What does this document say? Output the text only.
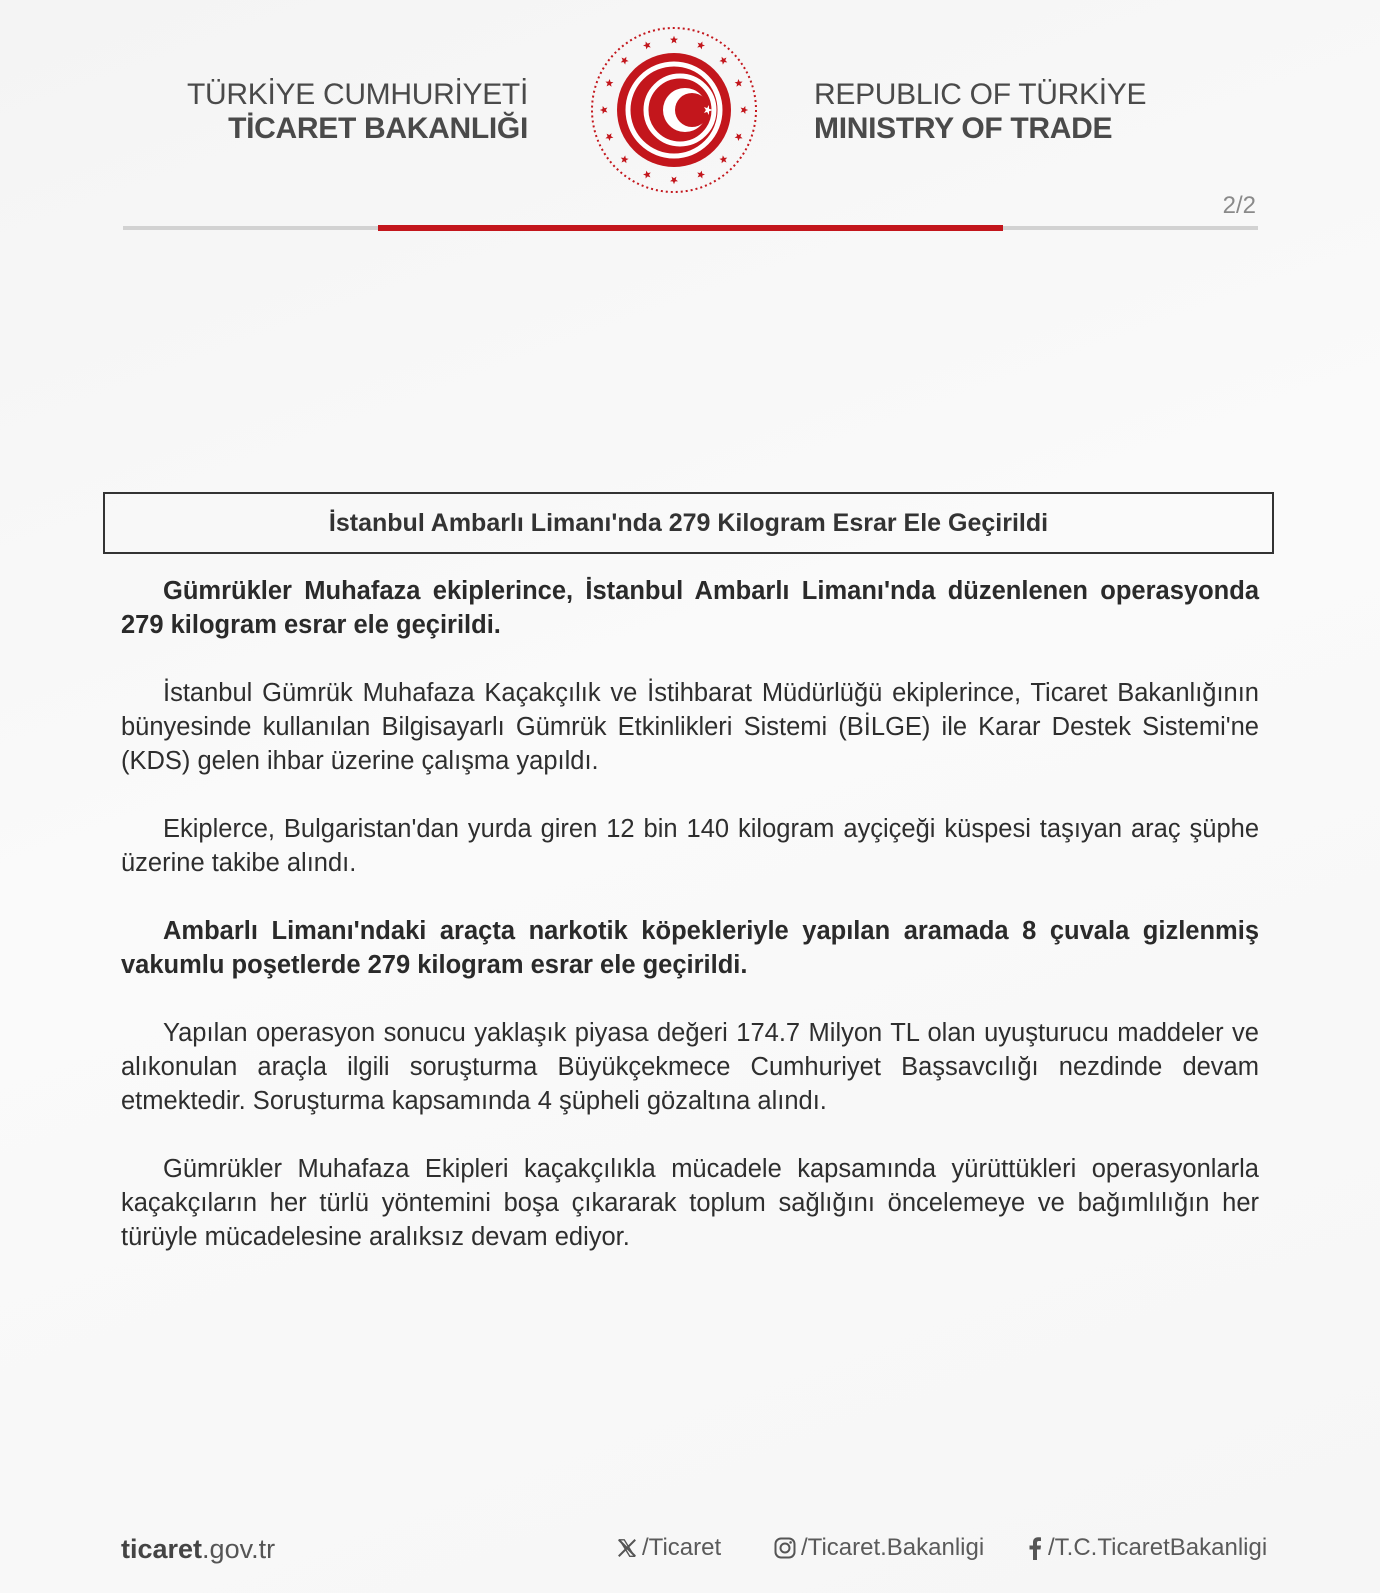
TÜRKİYE CUMHURİYETİ
TİCARET BAKANLIĞI
REPUBLIC OF TÜRKİYE
MINISTRY OF TRADE
2/2
İstanbul Ambarlı Limanı'nda 279 Kilogram Esrar Ele Geçirildi

Gümrükler Muhafaza ekiplerince, İstanbul Ambarlı Limanı'nda düzenlenen operasyonda 279 kilogram esrar ele geçirildi.

İstanbul Gümrük Muhafaza Kaçakçılık ve İstihbarat Müdürlüğü ekiplerince, Ticaret Bakanlığının bünyesinde kullanılan Bilgisayarlı Gümrük Etkinlikleri Sistemi (BİLGE) ile Karar Destek Sistemi'ne (KDS) gelen ihbar üzerine çalışma yapıldı.

Ekiplerce, Bulgaristan'dan yurda giren 12 bin 140 kilogram ayçiçeği küspesi taşıyan araç şüphe üzerine takibe alındı.

Ambarlı Limanı'ndaki araçta narkotik köpekleriyle yapılan aramada 8 çuvala gizlenmiş vakumlu poşetlerde 279 kilogram esrar ele geçirildi.

Yapılan operasyon sonucu yaklaşık piyasa değeri 174.7 Milyon TL olan uyuşturucu maddeler ve alıkonulan araçla ilgili soruşturma Büyükçekmece Cumhuriyet Başsavcılığı nezdinde devam etmektedir. Soruşturma kapsamında 4 şüpheli gözaltına alındı.

Gümrükler Muhafaza Ekipleri kaçakçılıkla mücadele kapsamında yürüttükleri operasyonlarla kaçakçıların her türlü yöntemini boşa çıkararak toplum sağlığını öncelemeye ve bağımlılığın her türüyle mücadelesine aralıksız devam ediyor.

ticaret.gov.tr	/Ticaret	/Ticaret.Bakanligi	/T.C.TicaretBakanligi
